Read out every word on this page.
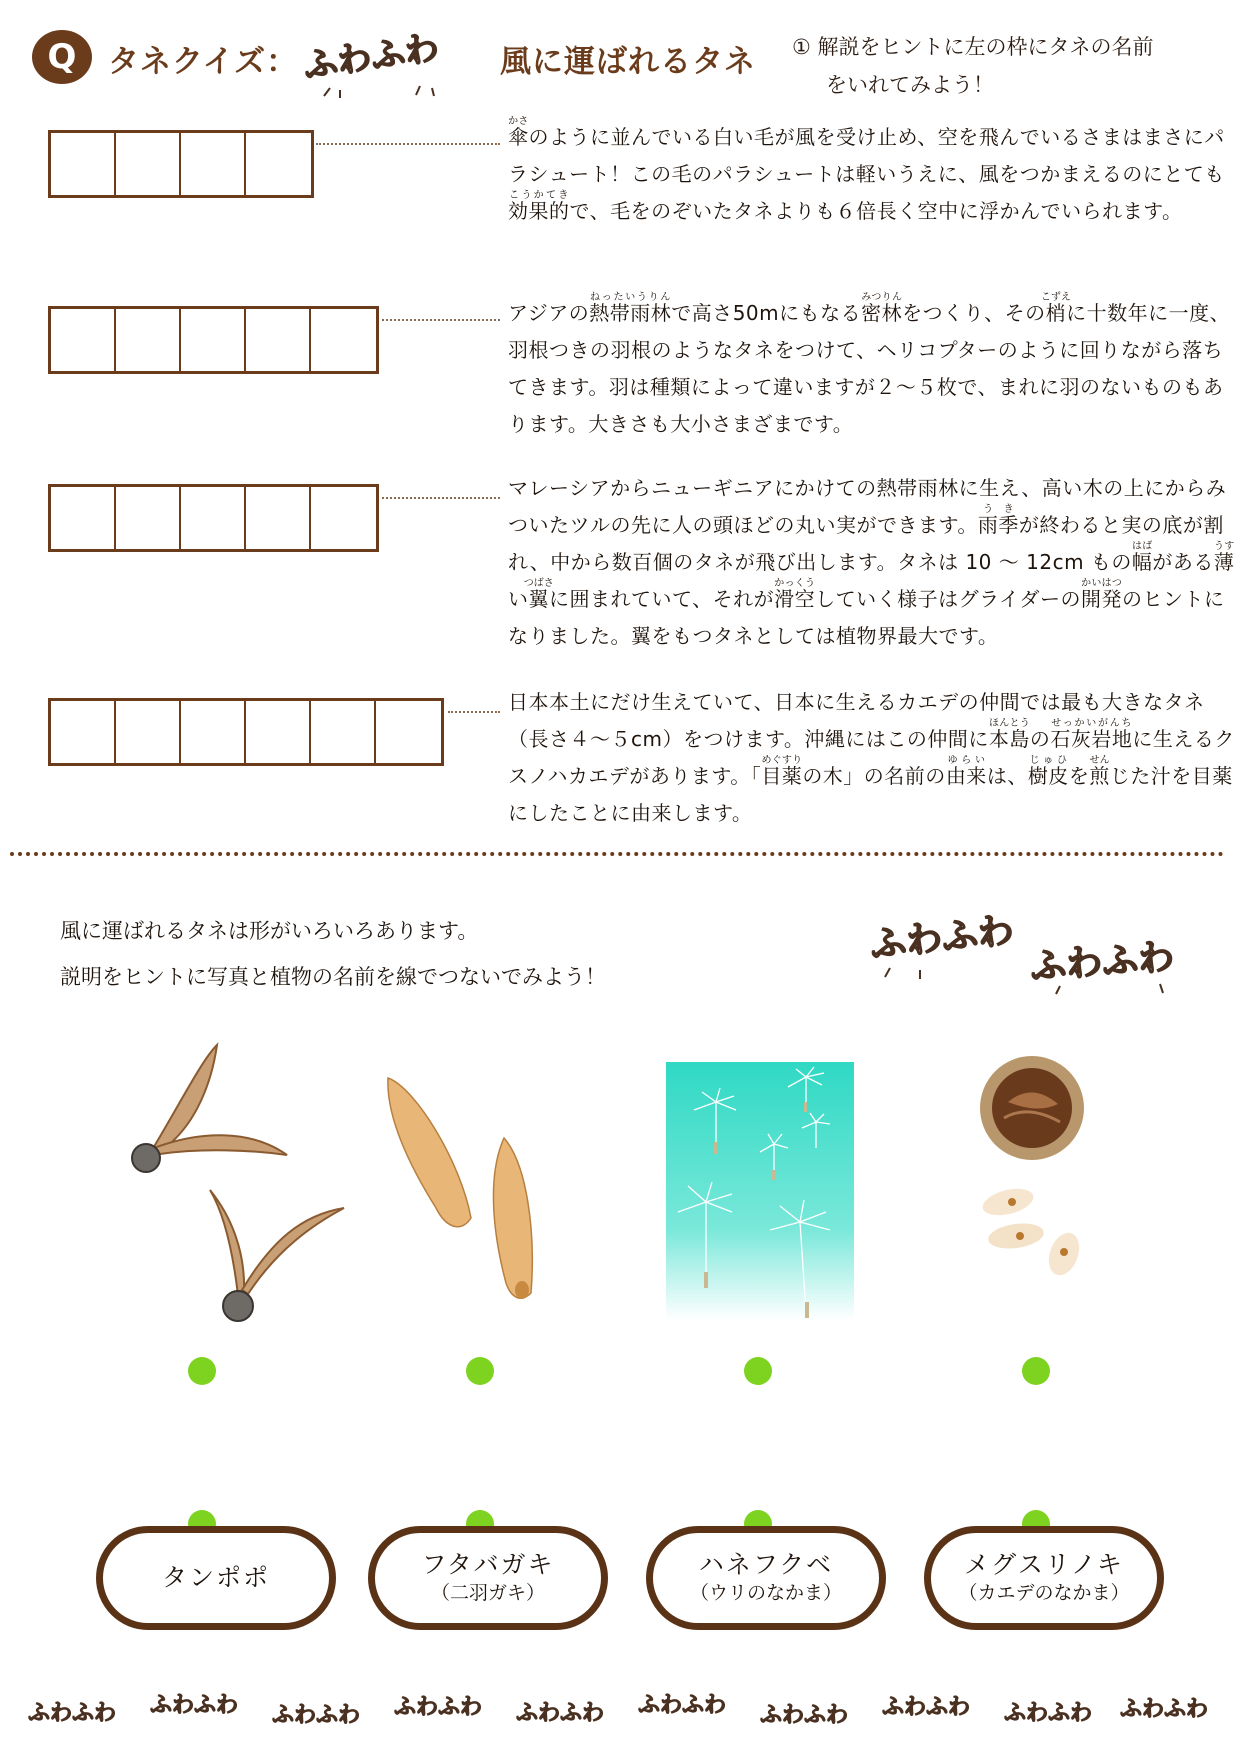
Q	タネクイズ： ふわふわ 風に運ばれるタネ ① 解説をヒントに左の枠にタネの名前
をいれてみよう！
傘かさのように並んでいる白い毛が風を受け止め、空を飛んでいるさまはまさにパラシュート！この毛のパラシュートは軽いうえに、風をつかまえるのにとても効果的こうかてきで、毛をのぞいたタネよりも６倍長く空中に浮かんでいられます。
アジアの熱帯雨林ねったいうりんで高さ50mにもなる密林みつりんをつくり、その梢こずえに十数年に一度、羽根つきの羽根のようなタネをつけて、ヘリコプターのように回りながら落ちてきます。羽は種類によって違いますが２～５枚で、まれに羽のないものもあります。大きさも大小さまざまです。
マレーシアからニューギニアにかけての熱帯雨林に生え、高い木の上にからみついたツルの先に人の頭ほどの丸い実ができます。雨季うきが終わると実の底が割れ、中から数百個のタネが飛び出します。タネは 10 ～ 12cm もの幅はばがある薄うすい翼つばさに囲まれていて、それが滑空かっくうしていく様子はグライダーの開発かいはつのヒントになりました。翼をもつタネとしては植物界最大です。
日本本土にだけ生えていて、日本に生えるカエデの仲間では最も大きなタネ（長さ４～５cm）をつけます。沖縄にはこの仲間に本島ほんとうの石灰岩地せっかいがんちに生えるクスノハカエデがあります。「目薬めぐすりの木」の名前の由来ゆらいは、樹皮じゅひを煎せんじた汁を目薬にしたことに由来します。
風に運ばれるタネは形がいろいろあります。
説明をヒントに写真と植物の名前を線でつないでみよう！
ふわふわ ふわふわ
タンポポ	フタバガキ
（二羽ガキ）
ハネフクベ
（ウリのなかま）
メグスリノキ
（カエデのなかま）
ふわふわ ふわふわ ふわふわ ふわふわ ふわふわ ふわふわ ふわふわ ふわふわ ふわふわ ふわふわ
